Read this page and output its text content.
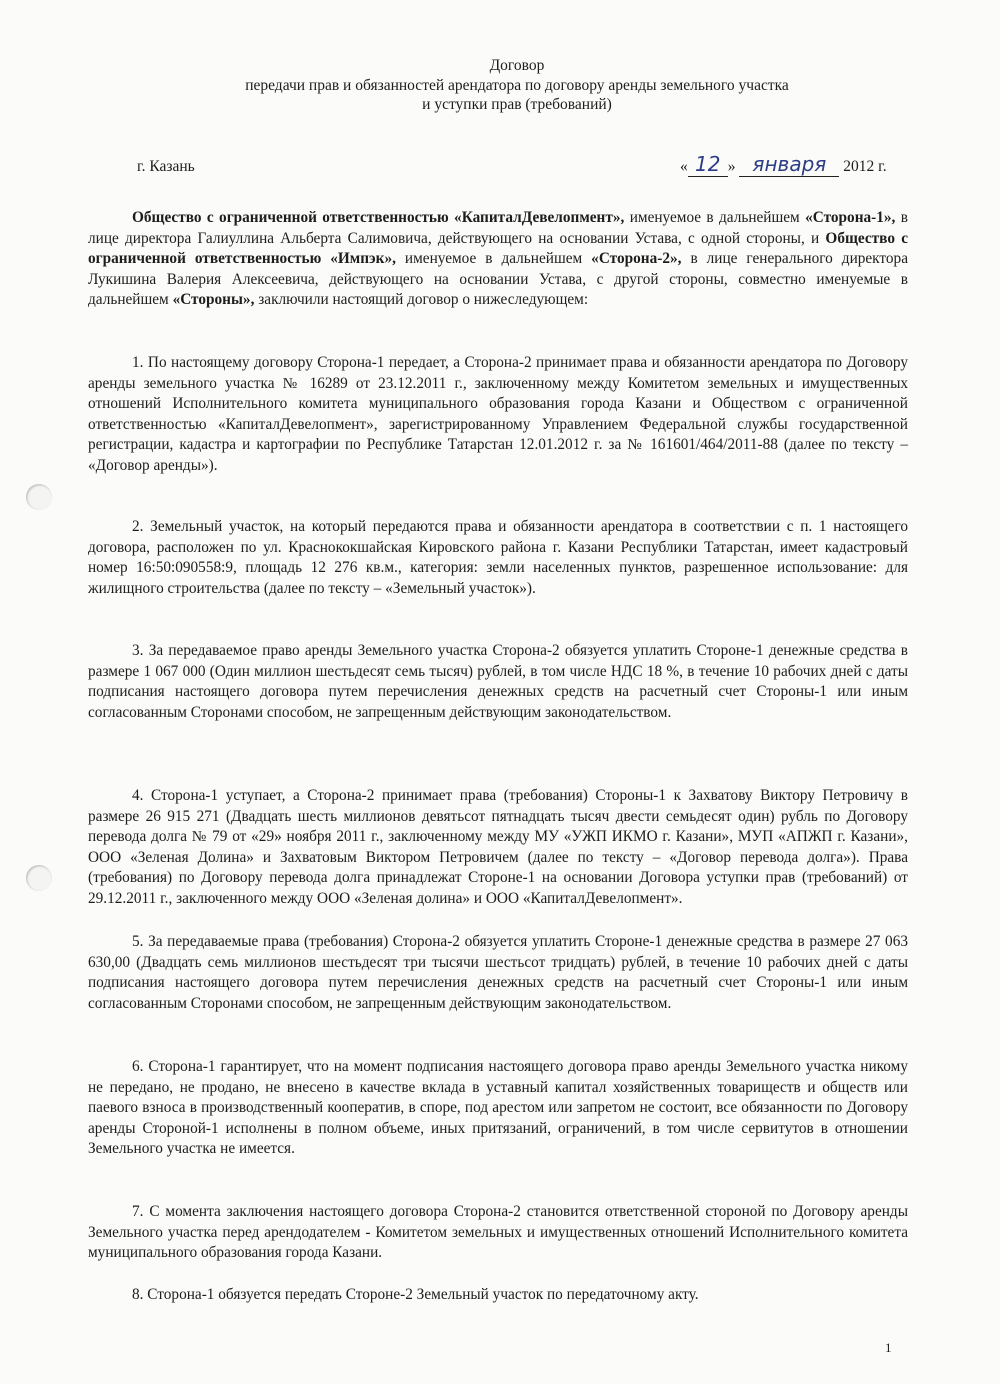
Договор
передачи прав и обязанностей арендатора по договору аренды земельного участка
и уступки прав (требований)
г. Казань	« 12 » января 2012 г.
Общество с ограниченной ответственностью «КапиталДевелопмент», именуемое в дальнейшем «Сторона-1», в лице директора Галиуллина Альберта Салимовича, действующего на основании Устава, с одной стороны, и Общество с ограниченной ответственностью «Импэк», именуемое в дальнейшем «Сторона-2», в лице генерального директора Лукишина Валерия Алексеевича, действующего на основании Устава, с другой стороны, совместно именуемые в дальнейшем «Стороны», заключили настоящий договор о нижеследующем:
1. По настоящему договору Сторона-1 передает, а Сторона-2 принимает права и обязанности арендатора по Договору аренды земельного участка № 16289 от 23.12.2011 г., заключенному между Комитетом земельных и имущественных отношений Исполнительного комитета муниципального образования города Казани и Обществом с ограниченной ответственностью «КапиталДевелопмент», зарегистрированному Управлением Федеральной службы государственной регистрации, кадастра и картографии по Республике Татарстан 12.01.2012 г. за № 161601/464/2011-88 (далее по тексту – «Договор аренды»).
2. Земельный участок, на который передаются права и обязанности арендатора в соответствии с п. 1 настоящего договора, расположен по ул. Краснококшайская Кировского района г. Казани Республики Татарстан, имеет кадастровый номер 16:50:090558:9, площадь 12 276 кв.м., категория: земли населенных пунктов, разрешенное использование: для жилищного строительства (далее по тексту – «Земельный участок»).
3. За передаваемое право аренды Земельного участка Сторона-2 обязуется уплатить Стороне-1 денежные средства в размере 1 067 000 (Один миллион шестьдесят семь тысяч) рублей, в том числе НДС 18 %, в течение 10 рабочих дней с даты подписания настоящего договора путем перечисления денежных средств на расчетный счет Стороны-1 или иным согласованным Сторонами способом, не запрещенным действующим законодательством.
4. Сторона-1 уступает, а Сторона-2 принимает права (требования) Стороны-1 к Захватову Виктору Петровичу в размере 26 915 271 (Двадцать шесть миллионов девятьсот пятнадцать тысяч двести семьдесят один) рубль по Договору перевода долга № 79 от «29» ноября 2011 г., заключенному между МУ «УЖП ИКМО г. Казани», МУП «АПЖП г. Казани», ООО «Зеленая Долина» и Захватовым Виктором Петровичем (далее по тексту – «Договор перевода долга»). Права (требования) по Договору перевода долга принадлежат Стороне-1 на основании Договора уступки прав (требований) от 29.12.2011 г., заключенного между ООО «Зеленая долина» и ООО «КапиталДевелопмент».
5. За передаваемые права (требования) Сторона-2 обязуется уплатить Стороне-1 денежные средства в размере 27 063 630,00 (Двадцать семь миллионов шестьдесят три тысячи шестьсот тридцать) рублей, в течение 10 рабочих дней с даты подписания настоящего договора путем перечисления денежных средств на расчетный счет Стороны-1 или иным согласованным Сторонами способом, не запрещенным действующим законодательством.
6. Сторона-1 гарантирует, что на момент подписания настоящего договора право аренды Земельного участка никому не передано, не продано, не внесено в качестве вклада в уставный капитал хозяйственных товариществ и обществ или паевого взноса в производственный кооператив, в споре, под арестом или запретом не состоит, все обязанности по Договору аренды Стороной-1 исполнены в полном объеме, иных притязаний, ограничений, в том числе сервитутов в отношении Земельного участка не имеется.
7. С момента заключения настоящего договора Сторона-2 становится ответственной стороной по Договору аренды Земельного участка перед арендодателем - Комитетом земельных и имущественных отношений Исполнительного комитета муниципального образования города Казани.
8. Сторона-1 обязуется передать Стороне-2 Земельный участок по передаточному акту.
1
